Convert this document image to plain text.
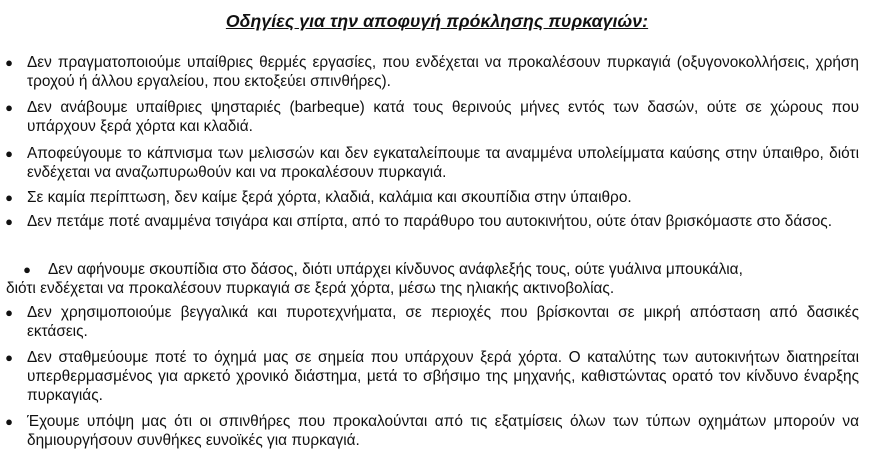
Οδηγίες για την αποφυγή πρόκλησης πυρκαγιών:
● Δεν πραγματοποιούμε υπαίθριες θερμές εργασίες, που ενδέχεται να προκαλέσουν πυρκαγιά (οξυγονοκολλήσεις, χρήση τροχού ή άλλου εργαλείου, που εκτοξεύει σπινθήρες).
● Δεν ανάβουμε υπαίθριες ψησταριές (barbeque) κατά τους θερινούς μήνες εντός των δασών, ούτε σε χώρους που υπάρχουν ξερά χόρτα και κλαδιά.
● Αποφεύγουμε το κάπνισμα των μελισσών και δεν εγκαταλείπουμε τα αναμμένα υπολείμματα καύσης στην ύπαιθρο, διότι ενδέχεται να αναζωπυρωθούν και να προκαλέσουν πυρκαγιά.
● Σε καμία περίπτωση, δεν καίμε ξερά χόρτα, κλαδιά, καλάμια και σκουπίδια στην ύπαιθρο.
● Δεν πετάμε ποτέ αναμμένα τσιγάρα και σπίρτα, από το παράθυρο του αυτοκινήτου, ούτε όταν βρισκόμαστε στο δάσος.
● Δεν αφήνουμε σκουπίδια στο δάσος, διότι υπάρχει κίνδυνος ανάφλεξής τους, ούτε γυάλινα μπουκάλια,
διότι ενδέχεται να προκαλέσουν πυρκαγιά σε ξερά χόρτα, μέσω της ηλιακής ακτινοβολίας.
● Δεν χρησιμοποιούμε βεγγαλικά και πυροτεχνήματα, σε περιοχές που βρίσκονται σε μικρή απόσταση από δασικές εκτάσεις.
● Δεν σταθμεύουμε ποτέ το όχημά μας σε σημεία που υπάρχουν ξερά χόρτα. Ο καταλύτης των αυτοκινήτων διατηρείται υπερθερμασμένος για αρκετό χρονικό διάστημα, μετά το σβήσιμο της μηχανής, καθιστώντας ορατό τον κίνδυνο έναρξης πυρκαγιάς.
● Έχουμε υπόψη μας ότι οι σπινθήρες που προκαλούνται από τις εξατμίσεις όλων των τύπων οχημάτων μπορούν να δημιουργήσουν συνθήκες ευνοϊκές για πυρκαγιά.
